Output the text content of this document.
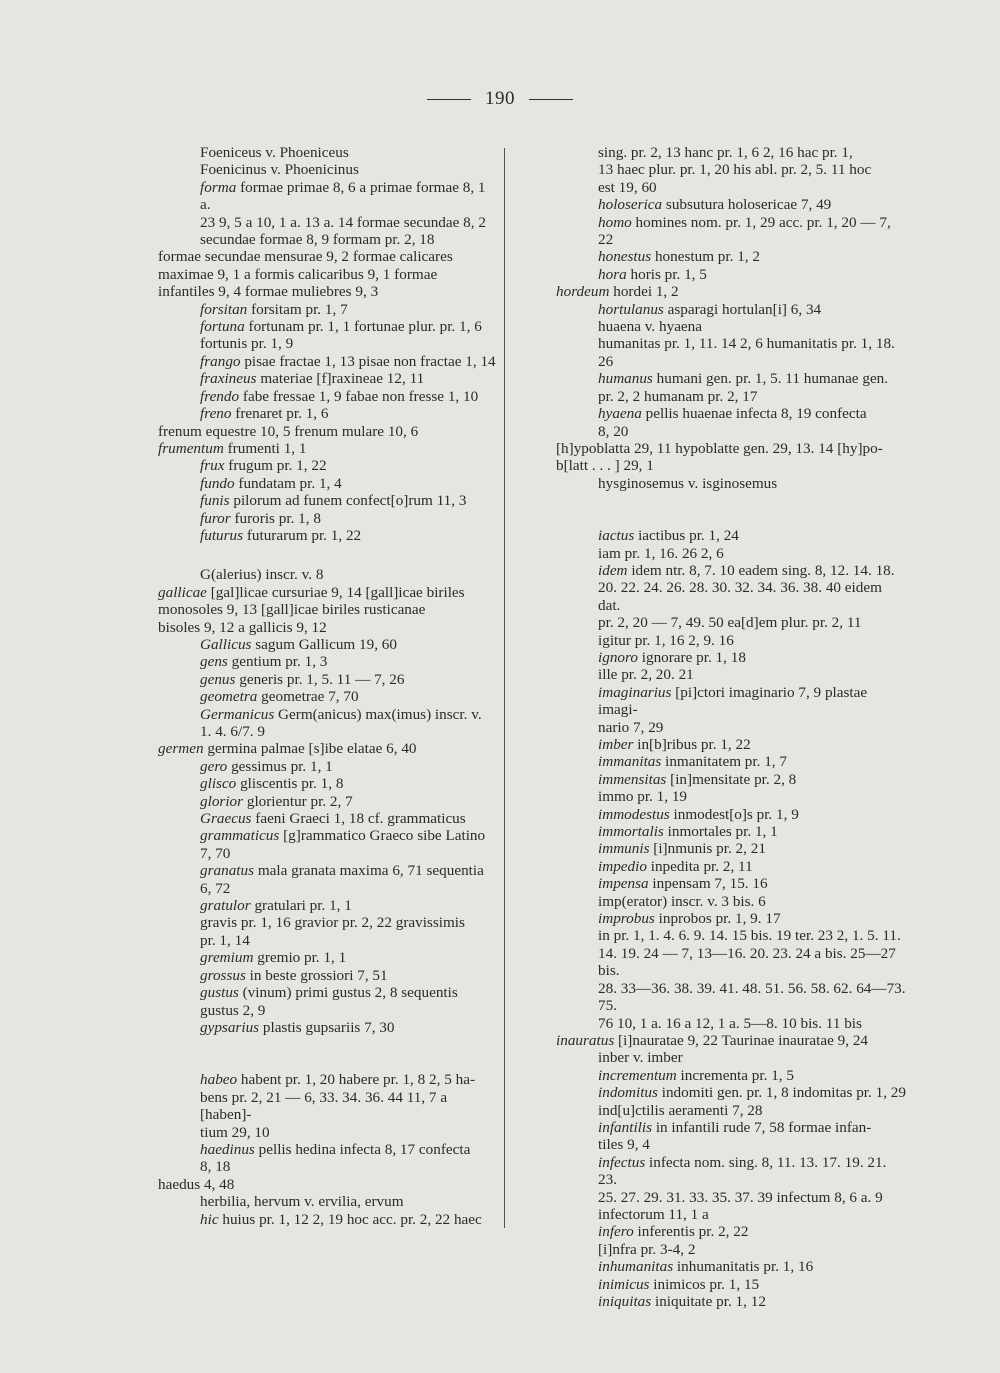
190

Foeniceus v. Phoeniceus

Foenicinus v. Phoenicinus

forma formae primae 8, 6 a primae formae 8, 1 a.
23 9, 5 a 10, 1 a. 13 a. 14 formae secundae 8, 2
secundae formae 8, 9 formam pr. 2, 18

formae secundae mensurae 9, 2 formae calicares
maximae 9, 1 a formis calicaribus 9, 1 formae
infantiles 9, 4 formae muliebres 9, 3

forsitan forsitam pr. 1, 7

fortuna fortunam pr. 1, 1 fortunae plur. pr. 1, 6
fortunis pr. 1, 9

frango pisae fractae 1, 13 pisae non fractae 1, 14

fraxineus materiae [f]raxineae 12, 11

frendo fabe fressae 1, 9 fabae non fresse 1, 10

freno frenaret pr. 1, 6

frenum equestre 10, 5 frenum mulare 10, 6

frumentum frumenti 1, 1

frux frugum pr. 1, 22

fundo fundatam pr. 1, 4

funis pilorum ad funem confect[o]rum 11, 3

furor furoris pr. 1, 8

futurus futurarum pr. 1, 22

G(alerius) inscr. v. 8

gallicae [gal]licae cursuriae 9, 14 [gall]icae biriles
monosoles 9, 13 [gall]icae biriles rusticanae
bisoles 9, 12 a gallicis 9, 12

Gallicus sagum Gallicum 19, 60

gens gentium pr. 1, 3

genus generis pr. 1, 5. 11 — 7, 26

geometra geometrae 7, 70

Germanicus Germ(anicus) max(imus) inscr. v.
1. 4. 6/7. 9

germen germina palmae [s]ibe elatae 6, 40

gero gessimus pr. 1, 1

glisco gliscentis pr. 1, 8

glorior glorientur pr. 2, 7

Graecus faeni Graeci 1, 18 cf. grammaticus

grammaticus [g]rammatico Graeco sibe Latino
7, 70

granatus mala granata maxima 6, 71 sequentia
6, 72

gratulor gratulari pr. 1, 1

gravis pr. 1, 16 gravior pr. 2, 22 gravissimis
pr. 1, 14

gremium gremio pr. 1, 1

grossus in beste grossiori 7, 51

gustus (vinum) primi gustus 2, 8 sequentis
gustus 2, 9

gypsarius plastis gupsariis 7, 30

habeo habent pr. 1, 20 habere pr. 1, 8 2, 5 ha-
bens pr. 2, 21 — 6, 33. 34. 36. 44 11, 7 a [haben]-
tium 29, 10

haedinus pellis hedina infecta 8, 17 confecta
8, 18

haedus 4, 48

herbilia, hervum v. ervilia, ervum

hic huius pr. 1, 12 2, 19 hoc acc. pr. 2, 22 haec

sing. pr. 2, 13 hanc pr. 1, 6 2, 16 hac pr. 1,
13 haec plur. pr. 1, 20 his abl. pr. 2, 5. 11 hoc
est 19, 60

holoserica subsutura holosericae 7, 49

homo homines nom. pr. 1, 29 acc. pr. 1, 20 — 7, 22

honestus honestum pr. 1, 2

hora horis pr. 1, 5

hordeum hordei 1, 2

hortulanus asparagi hortulan[i] 6, 34

huaena v. hyaena

humanitas pr. 1, 11. 14 2, 6 humanitatis pr. 1, 18. 26

humanus humani gen. pr. 1, 5. 11 humanae gen.
pr. 2, 2 humanam pr. 2, 17

hyaena pellis huaenae infecta 8, 19 confecta
8, 20

[h]ypoblatta 29, 11 hypoblatte gen. 29, 13. 14 [hy]po-
b[latt . . . ] 29, 1

hysginosemus v. isginosemus

iactus iactibus pr. 1, 24

iam pr. 1, 16. 26 2, 6

idem idem ntr. 8, 7. 10 eadem sing. 8, 12. 14. 18.
20. 22. 24. 26. 28. 30. 32. 34. 36. 38. 40 eidem dat.
pr. 2, 20 — 7, 49. 50 ea[d]em plur. pr. 2, 11

igitur pr. 1, 16 2, 9. 16

ignoro ignorare pr. 1, 18

ille pr. 2, 20. 21

imaginarius [pi]ctori imaginario 7, 9 plastae imagi-
nario 7, 29

imber in[b]ribus pr. 1, 22

immanitas inmanitatem pr. 1, 7

immensitas [in]mensitate pr. 2, 8

immo pr. 1, 19

immodestus inmodest[o]s pr. 1, 9

immortalis inmortales pr. 1, 1

immunis [i]nmunis pr. 2, 21

impedio inpedita pr. 2, 11

impensa inpensam 7, 15. 16

imp(erator) inscr. v. 3 bis. 6

improbus inprobos pr. 1, 9. 17

in pr. 1, 1. 4. 6. 9. 14. 15 bis. 19 ter. 23 2, 1. 5. 11.
14. 19. 24 — 7, 13—16. 20. 23. 24 a bis. 25—27 bis.
28. 33—36. 38. 39. 41. 48. 51. 56. 58. 62. 64—73. 75.
76 10, 1 a. 16 a 12, 1 a. 5—8. 10 bis. 11 bis

inauratus [i]nauratae 9, 22 Taurinae inauratae 9, 24

inber v. imber

incrementum incrementa pr. 1, 5

indomitus indomiti gen. pr. 1, 8 indomitas pr. 1, 29

ind[u]ctilis aeramenti 7, 28

infantilis in infantili rude 7, 58 formae infan-
tiles 9, 4

infectus infecta nom. sing. 8, 11. 13. 17. 19. 21. 23.
25. 27. 29. 31. 33. 35. 37. 39 infectum 8, 6 a. 9
infectorum 11, 1 a

infero inferentis pr. 2, 22

[i]nfra pr. 3-4, 2

inhumanitas inhumanitatis pr. 1, 16

inimicus inimicos pr. 1, 15

iniquitas iniquitate pr. 1, 12
